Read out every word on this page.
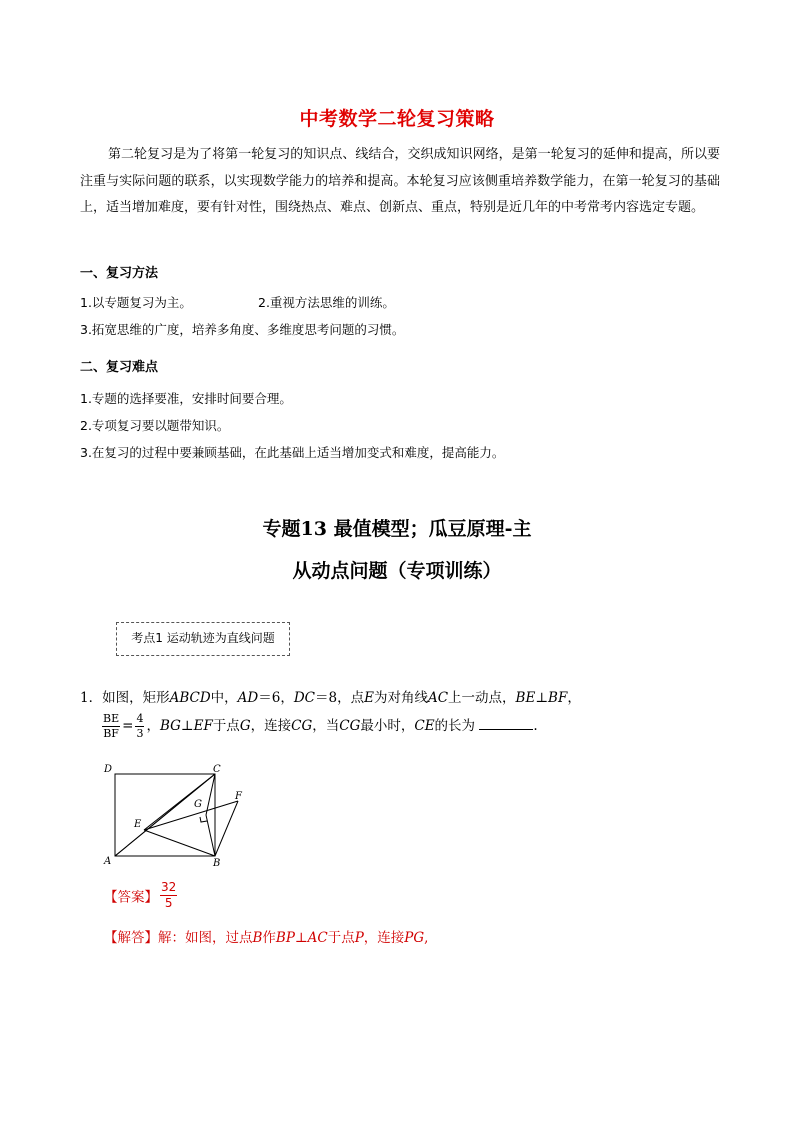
中考数学二轮复习策略
第二轮复习是为了将第一轮复习的知识点、线结合，交织成知识网络，是第一轮复习的延伸和提高，所以要注重与实际问题的联系，以实现数学能力的培养和提高。本轮复习应该侧重培养数学能力，在第一轮复习的基础上，适当增加难度，要有针对性，围绕热点、难点、创新点、重点，特别是近几年的中考常考内容选定专题。
一、复习方法
1.以专题复习为主。	2.重视方法思维的训练。
3.拓宽思维的广度，培养多角度、多维度思考问题的习惯。
二、复习难点
1.专题的选择要准，安排时间要合理。
2.专项复习要以题带知识。
3.在复习的过程中要兼顾基础，在此基础上适当增加变式和难度，提高能力。
专题13 最值模型；瓜豆原理-主
从动点问题（专项训练）
考点1 运动轨迹为直线问题
1．如图，矩形ABCD中，AD＝6，DC＝8，点E为对角线AC上一动点，BE⊥BF，
$\frac{BE}{BF} = \frac{4}{3}$ ，BG⊥EF于点G，连接CG，当CG最小时，CE的长为	.
D	C
G
F
E
A	B
【答案】 $\frac{32}{5}$
【解答】解：如图，过点B作BP⊥AC于点P，连接PG,
